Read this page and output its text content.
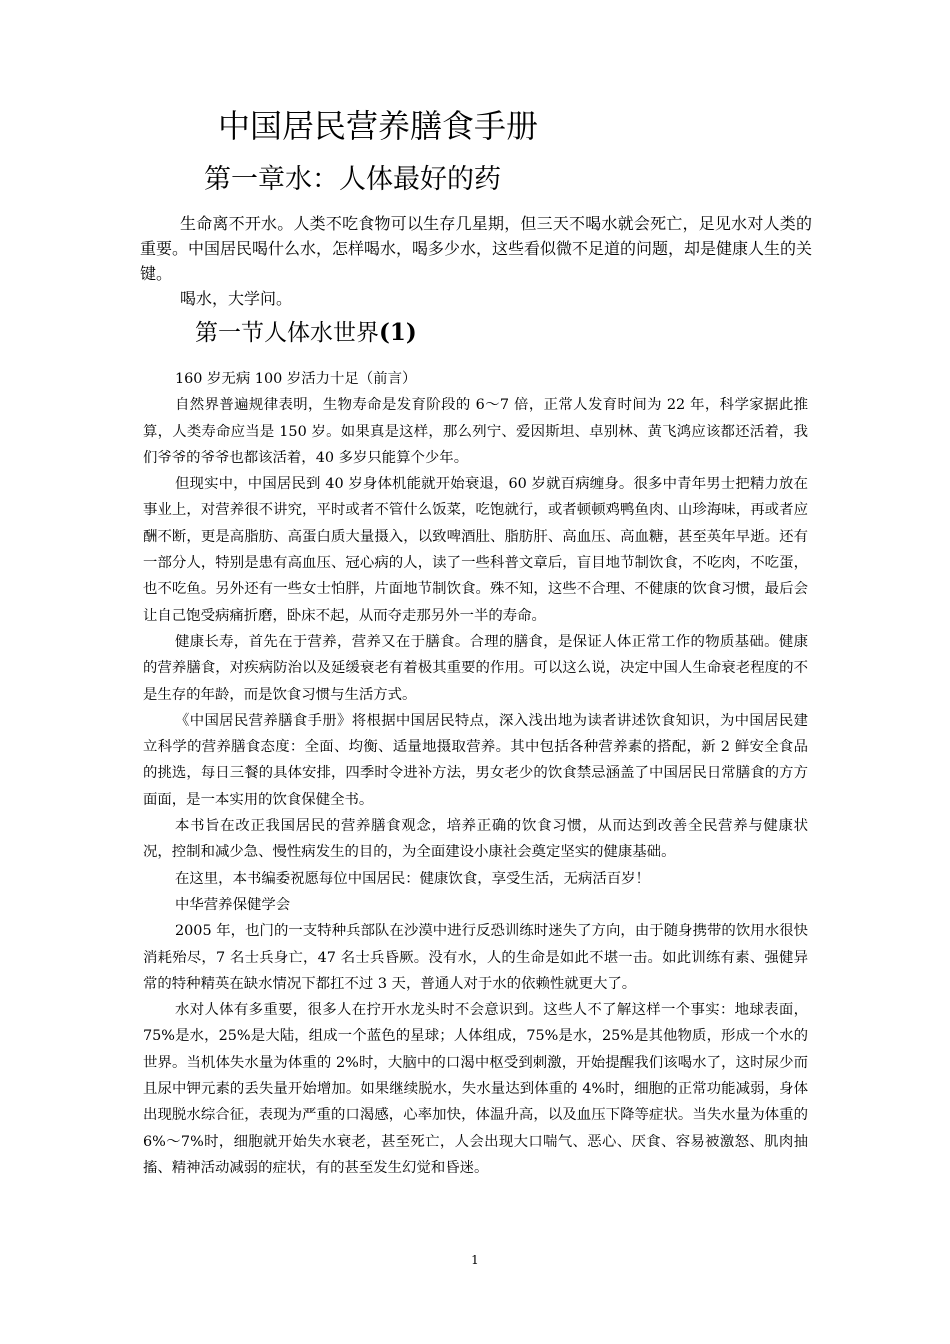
中国居民营养膳食手册
第一章水：人体最好的药

生命离不开水。人类不吃食物可以生存几星期，但三天不喝水就会死亡，足见水对人类的重要。中国居民喝什么水，怎样喝水，喝多少水，这些看似微不足道的问题，却是健康人生的关键。

喝水，大学问。

第一节人体水世界(1)

160 岁无病 100 岁活力十足（前言）

自然界普遍规律表明，生物寿命是发育阶段的 6～7 倍，正常人发育时间为 22 年，科学家据此推算，人类寿命应当是 150 岁。如果真是这样，那么列宁、爱因斯坦、卓别林、黄飞鸿应该都还活着，我们爷爷的爷爷也都该活着，40 多岁只能算个少年。

但现实中，中国居民到 40 岁身体机能就开始衰退，60 岁就百病缠身。很多中青年男士把精力放在事业上，对营养很不讲究，平时或者不管什么饭菜，吃饱就行，或者顿顿鸡鸭鱼肉、山珍海味，再或者应酬不断，更是高脂肪、高蛋白质大量摄入，以致啤酒肚、脂肪肝、高血压、高血糖，甚至英年早逝。还有一部分人，特别是患有高血压、冠心病的人，读了一些科普文章后，盲目地节制饮食，不吃肉，不吃蛋，也不吃鱼。另外还有一些女士怕胖，片面地节制饮食。殊不知，这些不合理、不健康的饮食习惯，最后会让自己饱受病痛折磨，卧床不起，从而夺走那另外一半的寿命。

健康长寿，首先在于营养，营养又在于膳食。合理的膳食，是保证人体正常工作的物质基础。健康的营养膳食，对疾病防治以及延缓衰老有着极其重要的作用。可以这么说，决定中国人生命衰老程度的不是生存的年龄，而是饮食习惯与生活方式。

《中国居民营养膳食手册》将根据中国居民特点，深入浅出地为读者讲述饮食知识，为中国居民建立科学的营养膳食态度：全面、均衡、适量地摄取营养。其中包括各种营养素的搭配，新 2 鲜安全食品的挑选，每日三餐的具体安排，四季时令进补方法，男女老少的饮食禁忌涵盖了中国居民日常膳食的方方面面，是一本实用的饮食保健全书。

本书旨在改正我国居民的营养膳食观念，培养正确的饮食习惯，从而达到改善全民营养与健康状况，控制和减少急、慢性病发生的目的，为全面建设小康社会奠定坚实的健康基础。

在这里，本书编委祝愿每位中国居民：健康饮食，享受生活，无病活百岁！

中华营养保健学会

2005 年，也门的一支特种兵部队在沙漠中进行反恐训练时迷失了方向，由于随身携带的饮用水很快消耗殆尽，7 名士兵身亡，47 名士兵昏厥。没有水，人的生命是如此不堪一击。如此训练有素、强健异常的特种精英在缺水情况下都扛不过 3 天，普通人对于水的依赖性就更大了。

水对人体有多重要，很多人在拧开水龙头时不会意识到。这些人不了解这样一个事实：地球表面，75%是水，25%是大陆，组成一个蓝色的星球；人体组成，75%是水，25%是其他物质，形成一个水的世界。当机体失水量为体重的 2%时，大脑中的口渴中枢受到刺激，开始提醒我们该喝水了，这时尿少而且尿中钾元素的丢失量开始增加。如果继续脱水，失水量达到体重的 4%时，细胞的正常功能减弱，身体出现脱水综合征，表现为严重的口渴感，心率加快，体温升高，以及血压下降等症状。当失水量为体重的 6%～7%时，细胞就开始失水衰老，甚至死亡，人会出现大口喘气、恶心、厌食、容易被激怒、肌肉抽搐、精神活动减弱的症状，有的甚至发生幻觉和昏迷。

1
